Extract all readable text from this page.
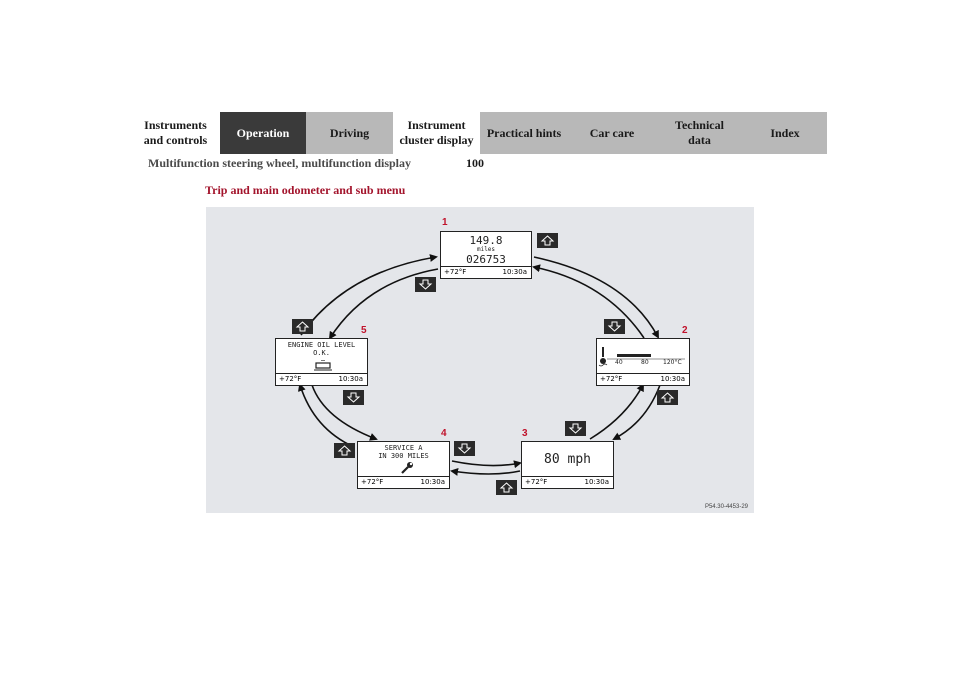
Instruments
and controls
Operation	Driving
Instrument
cluster display
Practical hints Car care
Technical
data
Index
Multifunction steering wheel, multifunction display	100
Trip and main odometer and sub menu
1
149.8
miles
026753
+72°F	10:30a
2
40	80 120°C
+72°F	10:30a
3
80 mph
+72°F	10:30a
4
SERVICE A
IN 300 MILES
+72°F	10:30a
5
ENGINE OIL LEVEL
O.K.
+72°F	10:30a
P54.30-4453-29
